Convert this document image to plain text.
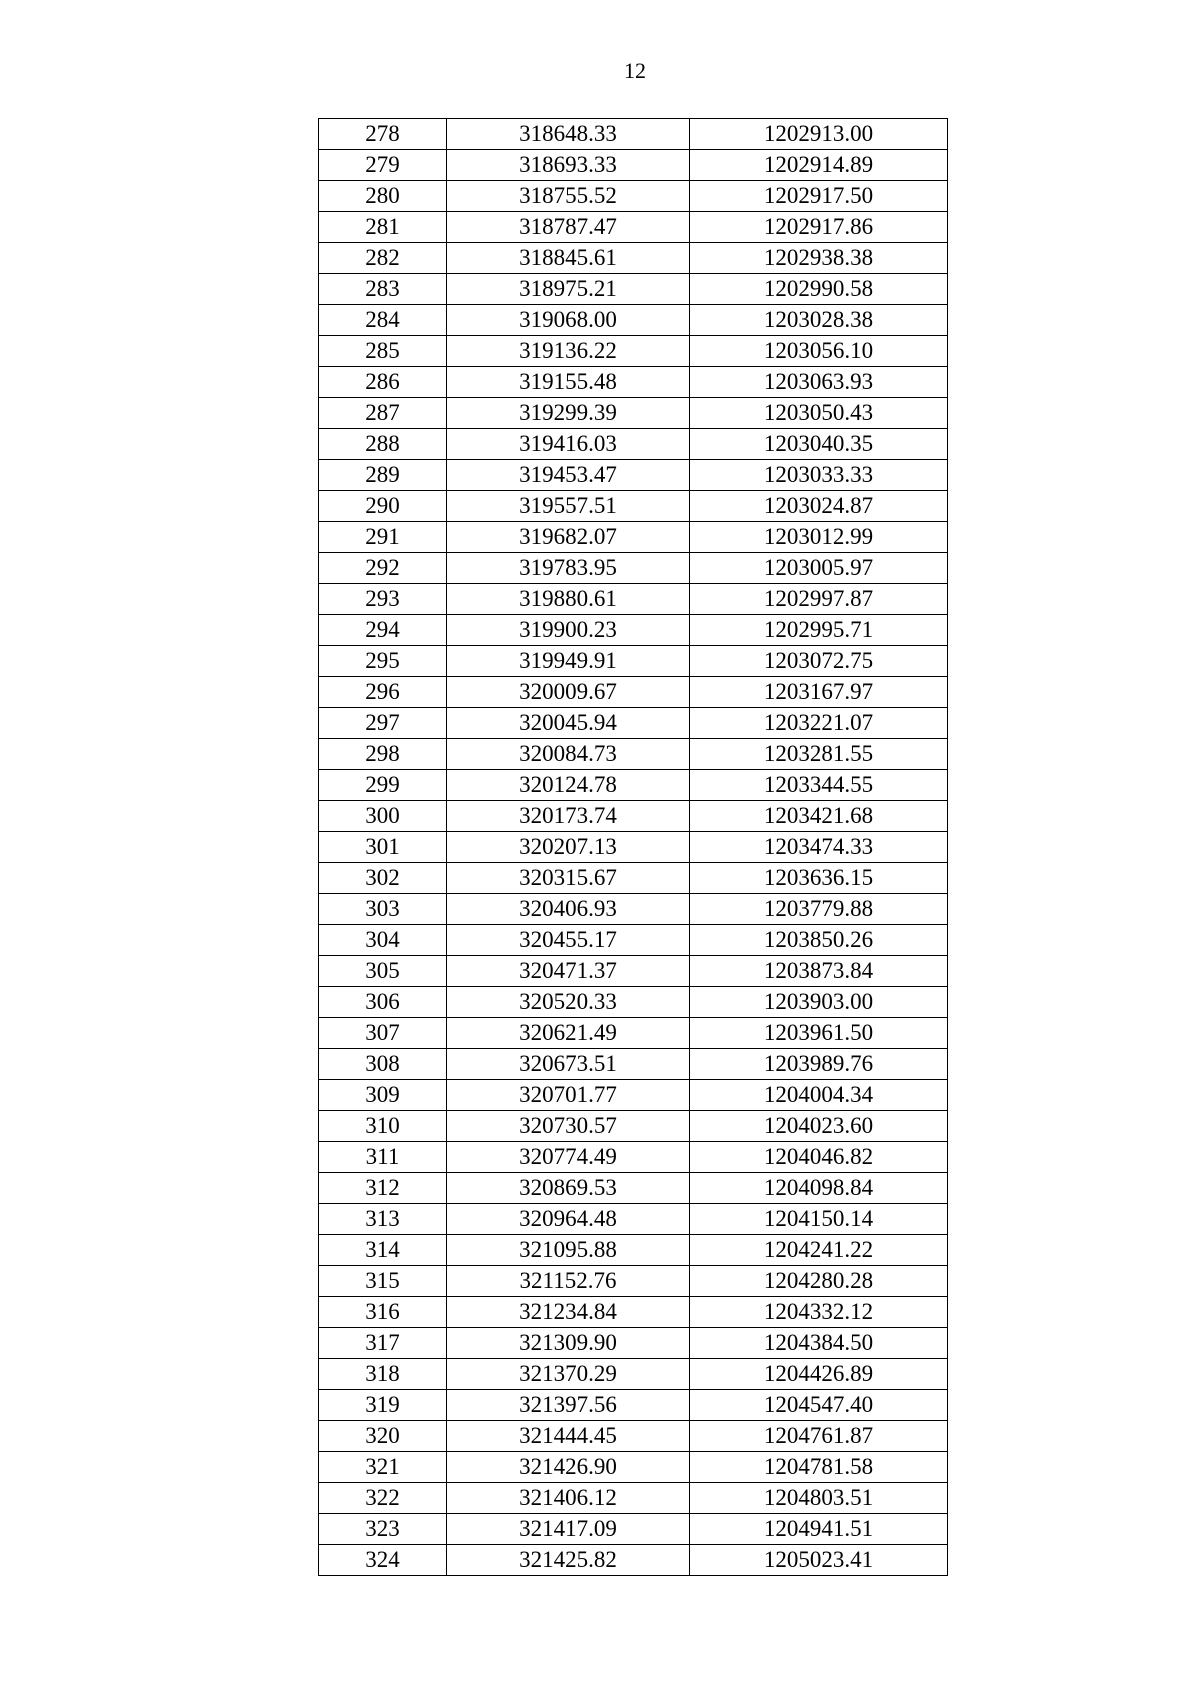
12
278	318648.33	1202913.00
279	318693.33	1202914.89
280	318755.52	1202917.50
281	318787.47	1202917.86
282	318845.61	1202938.38
283	318975.21	1202990.58
284	319068.00	1203028.38
285	319136.22	1203056.10
286	319155.48	1203063.93
287	319299.39	1203050.43
288	319416.03	1203040.35
289	319453.47	1203033.33
290	319557.51	1203024.87
291	319682.07	1203012.99
292	319783.95	1203005.97
293	319880.61	1202997.87
294	319900.23	1202995.71
295	319949.91	1203072.75
296	320009.67	1203167.97
297	320045.94	1203221.07
298	320084.73	1203281.55
299	320124.78	1203344.55
300	320173.74	1203421.68
301	320207.13	1203474.33
302	320315.67	1203636.15
303	320406.93	1203779.88
304	320455.17	1203850.26
305	320471.37	1203873.84
306	320520.33	1203903.00
307	320621.49	1203961.50
308	320673.51	1203989.76
309	320701.77	1204004.34
310	320730.57	1204023.60
311	320774.49	1204046.82
312	320869.53	1204098.84
313	320964.48	1204150.14
314	321095.88	1204241.22
315	321152.76	1204280.28
316	321234.84	1204332.12
317	321309.90	1204384.50
318	321370.29	1204426.89
319	321397.56	1204547.40
320	321444.45	1204761.87
321	321426.90	1204781.58
322	321406.12	1204803.51
323	321417.09	1204941.51
324	321425.82	1205023.41
